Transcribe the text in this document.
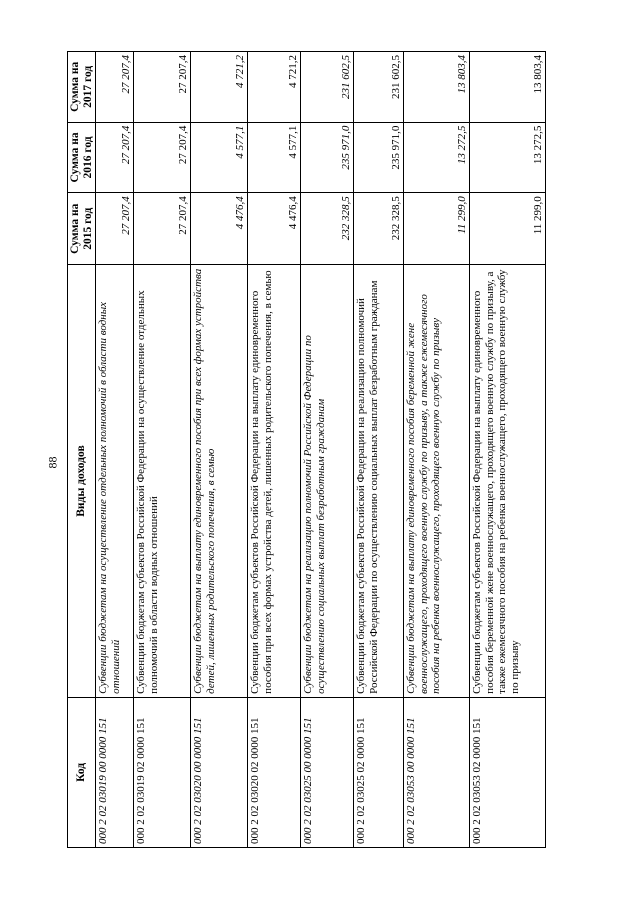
88
Код	Виды доходов	Сумма на 2015 год	Сумма на 2016 год	Сумма на 2017 год
000 2 02 03019 00 0000 151	Субвенции бюджетам на осуществление отдельных полномочий в области водных отношений	27 207,4	27 207,4	27 207,4
000 2 02 03019 02 0000 151	Субвенции бюджетам субъектов Российской Федерации на осуществление отдельных полномочий в области водных отношений	27 207,4	27 207,4	27 207,4
000 2 02 03020 00 0000 151	Субвенции бюджетам на выплату единовременного пособия при всех формах устройства детей, лишенных родительского попечения, в семью	4 476,4	4 577,1	4 721,2
000 2 02 03020 02 0000 151	Субвенции бюджетам субъектов Российской Федерации на выплату единовременного пособия при всех формах устройства детей, лишенных родительского попечения, в семью	4 476,4	4 577,1	4 721,2
000 2 02 03025 00 0000 151	Субвенции бюджетам на реализацию полномочий Российской Федерации по осуществлению социальных выплат безработным гражданам	232 328,5	235 971,0	231 602,5
000 2 02 03025 02 0000 151	Субвенции бюджетам субъектов Российской Федерации на реализацию полномочий Российской Федерации по осуществлению социальных выплат безработным гражданам	232 328,5	235 971,0	231 602,5
000 2 02 03053 00 0000 151	Субвенции бюджетам на выплату единовременного пособия беременной жене военнослужащего, проходящего военную службу по призыву, а также ежемесячного пособия на ребенка военнослужащего, проходящего военную службу по призыву	11 299,0	13 272,5	13 803,4
000 2 02 03053 02 0000 151	Субвенции бюджетам субъектов Российской Федерации на выплату единовременного пособия беременной жене военнослужащего, проходящего военную службу по призыву, а также ежемесячного пособия на ребенка военнослужащего, проходящего военную службу по призыву	11 299,0	13 272,5	13 803,4
